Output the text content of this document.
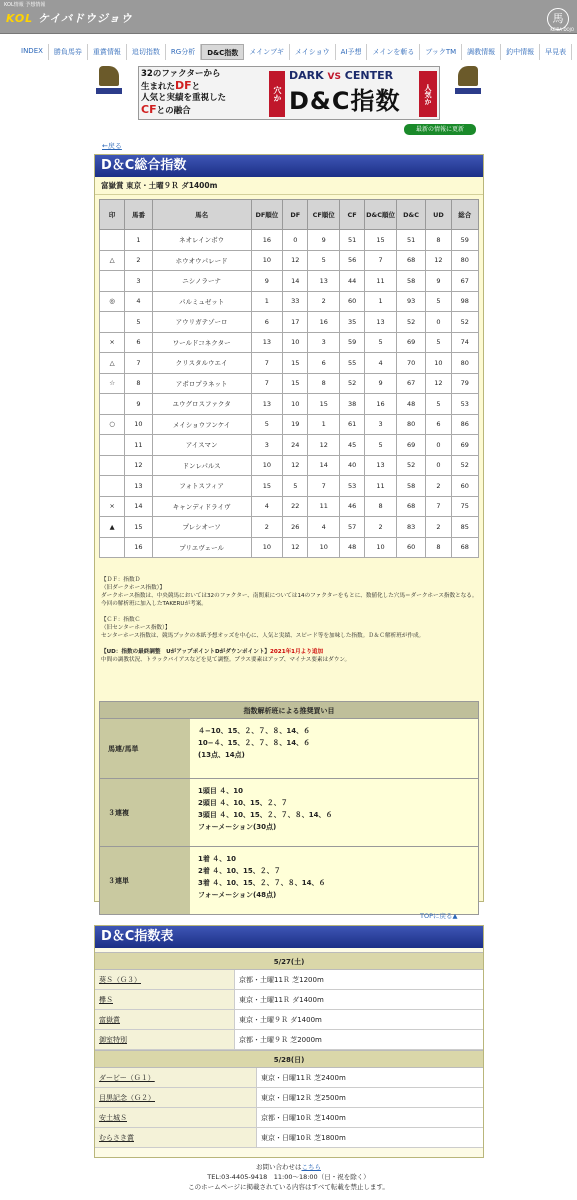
KOL情報 予想情報
KOL ケイバドウジョウ	馬
KEIBA DOJO
INDEX	勝負馬券	重賞情報	追切指数	RG分析	D&C指数	メインブギ	メイショウ	AI予想	メインを斬る	ブックTM	調教情報	釣中情報	早見表
32のファクターから
生まれたDFと
人気と実績を重視した
CFとの融合
穴か
DARK VS CENTER
D&C指数	人気か
最新の情報に更新
←戻る
D＆C総合指数
富嶽賞 東京・土曜９Ｒ ダ1400m
印	馬番	馬名	DF順位	DF	CF順位	CF	D&C順位	D&C	UD	総合
	1	ネオレインボウ	16	0	9	51	15	51	8	59
△	2	ホウオウパレード	10	12	5	56	7	68	12	80
	3	ニシノラーナ	9	14	13	44	11	58	9	67
◎	4	パルミュゼット	1	33	2	60	1	93	5	98
	5	アウリガテゾーロ	6	17	16	35	13	52	0	52
×	6	ワールドコネクター	13	10	3	59	5	69	5	74
△	7	クリスタルウエイ	7	15	6	55	4	70	10	80
☆	8	アポロプラネット	7	15	8	52	9	67	12	79
	9	ユウグロスファクタ	13	10	15	38	16	48	5	53
○	10	メイショウフンケイ	5	19	1	61	3	80	6	86
	11	アイスマン	3	24	12	45	5	69	0	69
	12	ドンレパルス	10	12	14	40	13	52	0	52
	13	フォトスフィア	15	5	7	53	11	58	2	60
×	14	キャンディドライヴ	4	22	11	46	8	68	7	75
▲	15	プレシオーソ	2	26	4	57	2	83	2	85
	16	プリエヴェール	10	12	10	48	10	60	8	68
【ＤＦ：指数Ｄ
（旧ダークホース指数）】
ダークホース指数は、中央競馬においては32のファクター、南関東については14のファクターをもとに、数値化した穴馬＝ダークホース指数となる。今回の解析班に加入したTAKERUが考案。
【ＣＦ：指数Ｃ
（旧センターホース指数）】
センターホース指数は、競馬ブックの本紙予想オッズを中心に、人気と実績、スピード等を加味した指数。Ｄ＆Ｃ解析班が作成。
【UD：指数の最終調整　UがアップポイントDがダウンポイント】2021年1月より追加
中間の調教状況、トラックバイアスなどを見て調整。プラス要素はアップ、マイナス要素はダウン。
指数解析班による推奨買い目
馬連/馬単
４−10、15、２、７、８、14、６
10−４、15、２、７、８、14、６
(13点、14点)
３連複
1頭目 ４、10
2頭目 ４、10、15、２、７
3頭目 ４、10、15、２、７、８、14、６
フォーメーション(30点)
３連単
1着 ４、10
2着 ４、10、15、２、７
3着 ４、10、15、２、７、８、14、６
フォーメーション(48点)
TOPに戻る▲
D＆C指数表
5/27(土)
葵Ｓ（Ｇ３）	京都・土曜11Ｒ 芝1200m
欅Ｓ	東京・土曜11Ｒ ダ1400m
富嶽賞	東京・土曜９Ｒ ダ1400m
御室特別	京都・土曜９Ｒ 芝2000m
5/28(日)
ダービー（Ｇ１）	東京・日曜11Ｒ 芝2400m
目黒記念（Ｇ２）	東京・日曜12Ｒ 芝2500m
安土城Ｓ	京都・日曜10Ｒ 芝1400m
むらさき賞	東京・日曜10Ｒ 芝1800m
お問い合わせはこちら
TEL:03-4405-9418　11:00〜18:00（日・祝を除く）
このホームページに掲載されている内容はすべて転載を禁止します。
